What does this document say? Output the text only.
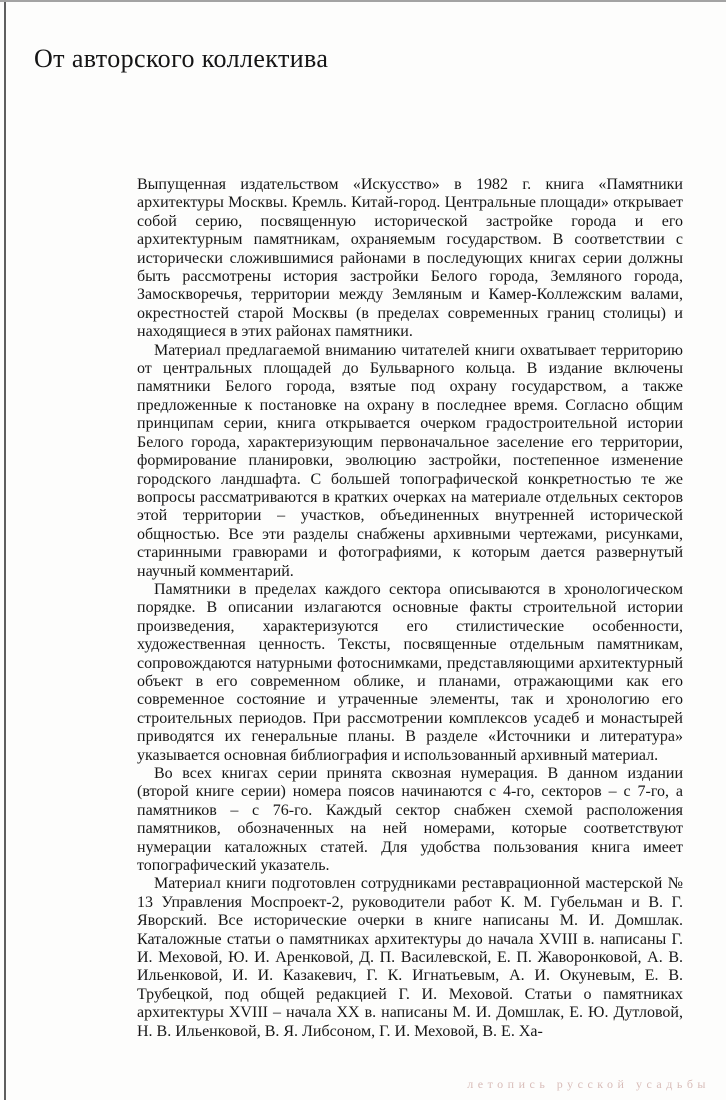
От авторского коллектива

Выпущенная издательством «Искусство» в 1982 г. книга «Памятники архитектуры Москвы. Кремль. Китай-город. Центральные площади» открывает собой серию, посвященную исторической застройке города и его архитектурным памятникам, охраняемым государством. В соответствии с исторически сложившимися районами в последующих книгах серии должны быть рассмотрены история застройки Белого города, Земляного города, Замоскворечья, территории между Земляным и Камер-Коллежским валами, окрестностей старой Москвы (в пределах современных границ столицы) и находящиеся в этих районах памятники.

Материал предлагаемой вниманию читателей книги охватывает территорию от центральных площадей до Бульварного кольца. В издание включены памятники Белого города, взятые под охрану государством, а также предложенные к постановке на охрану в последнее время. Согласно общим принципам серии, книга открывается очерком градостроительной истории Белого города, характеризующим первоначальное заселение его территории, формирование планировки, эволюцию застройки, постепенное изменение городского ландшафта. С большей топографической конкретностью те же вопросы рассматриваются в кратких очерках на материале отдельных секторов этой территории – участков, объединенных внутренней исторической общностью. Все эти разделы снабжены архивными чертежами, рисунками, старинными гравюрами и фотографиями, к которым дается развернутый научный комментарий.

Памятники в пределах каждого сектора описываются в хронологическом порядке. В описании излагаются основные факты строительной истории произведения, характеризуются его стилистические особенности, художественная ценность. Тексты, посвященные отдельным памятникам, сопровождаются натурными фотоснимками, представляющими архитектурный объект в его современном облике, и планами, отражающими как его современное состояние и утраченные элементы, так и хронологию его строительных периодов. При рассмотрении комплексов усадеб и монастырей приводятся их генеральные планы. В разделе «Источники и литература» указывается основная библиография и использованный архивный материал.

Во всех книгах серии принята сквозная нумерация. В данном издании (второй книге серии) номера поясов начинаются с 4-го, секторов – с 7-го, а памятников – с 76-го. Каждый сектор снабжен схемой расположения памятников, обозначенных на ней номерами, которые соответствуют нумерации каталожных статей. Для удобства пользования книга имеет топографический указатель.

Материал книги подготовлен сотрудниками реставрационной мастерской № 13 Управления Моспроект-2, руководители работ К. М. Губельман и В. Г. Яворский. Все исторические очерки в книге написаны М. И. Домшлак. Каталожные статьи о памятниках архитектуры до начала XVIII в. написаны Г. И. Меховой, Ю. И. Аренковой, Д. П. Василевской, Е. П. Жаворонковой, А. В. Ильенковой, И. И. Казакевич, Г. К. Игнатьевым, А. И. Окуневым, Е. В. Трубецкой, под общей редакцией Г. И. Меховой. Статьи о памятниках архитектуры XVIII – начала XX в. написаны М. И. Домшлак, Е. Ю. Дутловой, Н. В. Ильенковой, В. Я. Либсоном, Г. И. Меховой, В. Е. Ха-

летопись русской усадьбы
